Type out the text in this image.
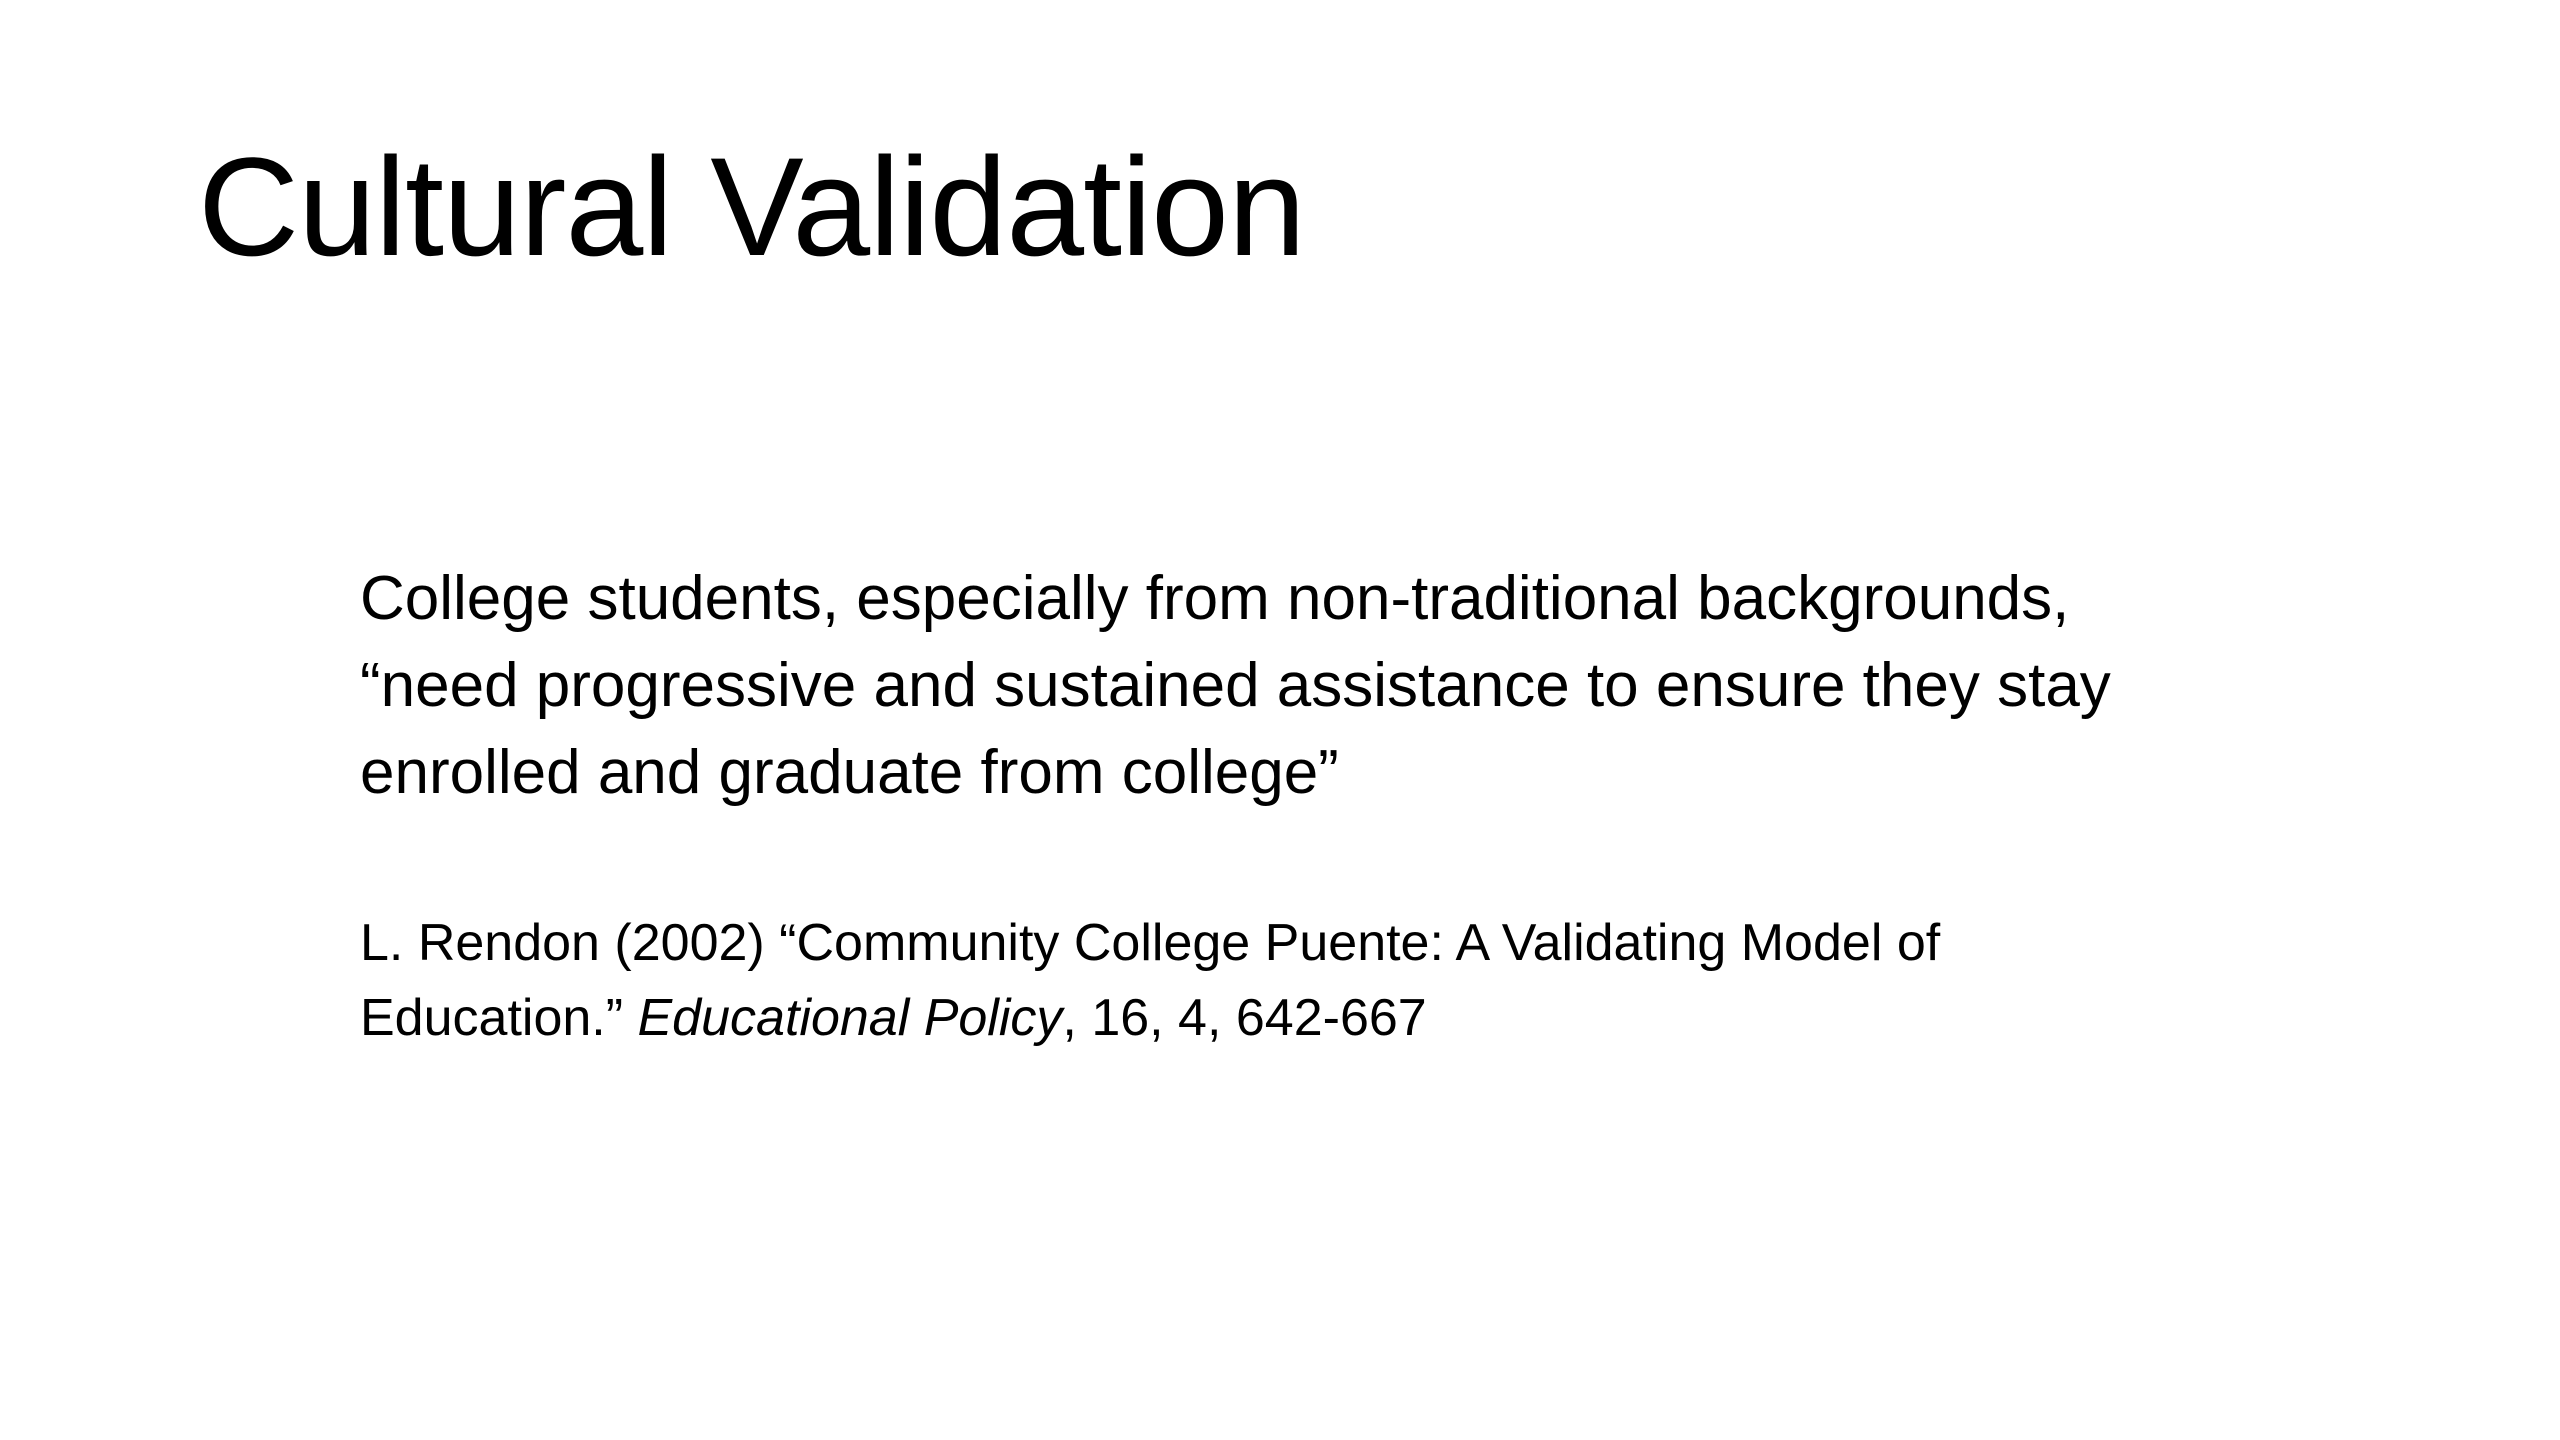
Cultural Validation

College students, especially from non-traditional backgrounds,
“need progressive and sustained assistance to ensure they stay
enrolled and graduate from college”

L. Rendon (2002) “Community College Puente: A Validating Model of
Education.” Educational Policy, 16, 4, 642-667
